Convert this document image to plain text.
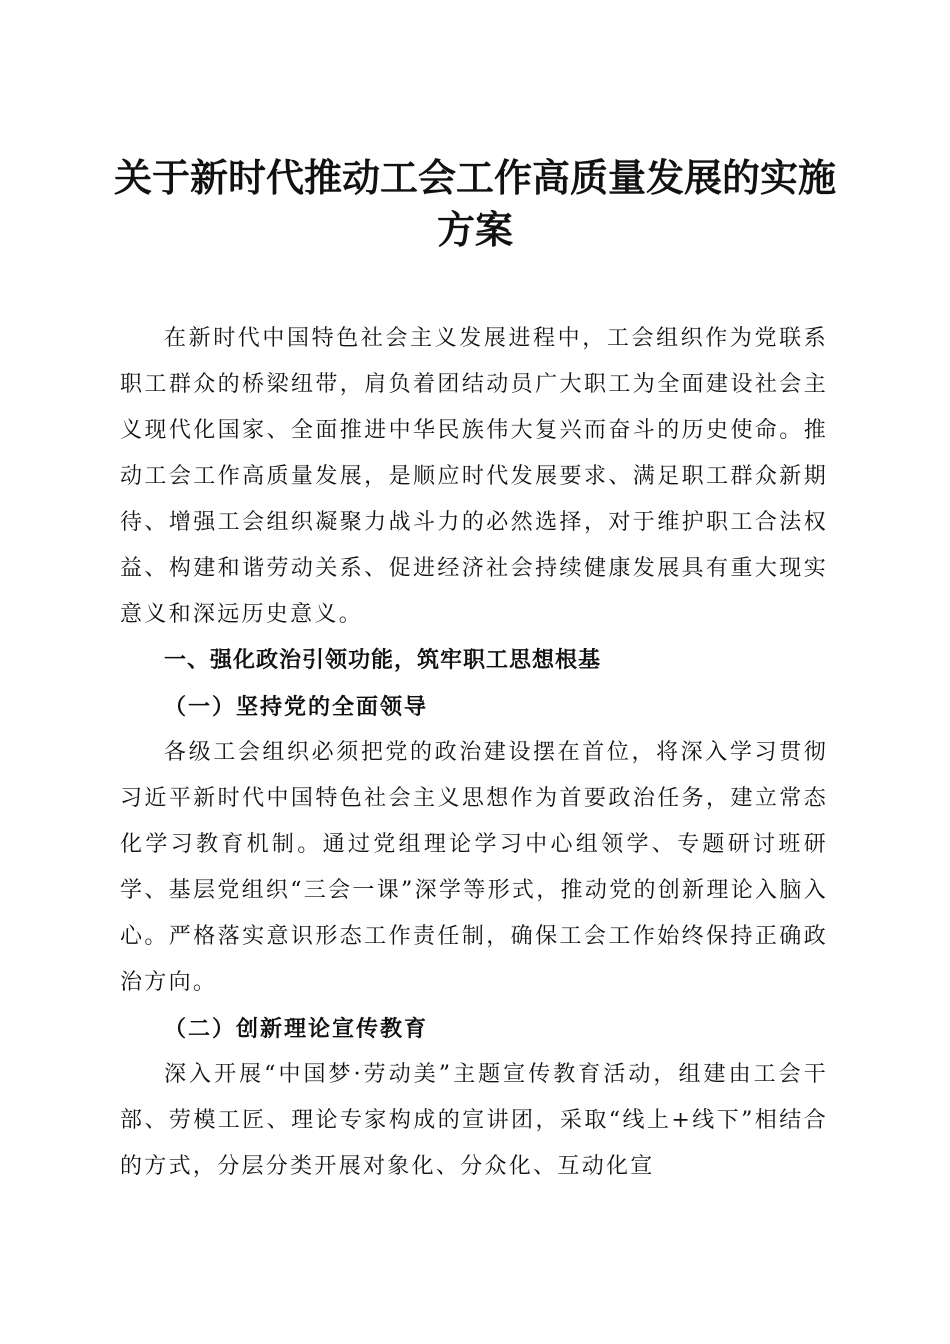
关于新时代推动工会工作高质量发展的实施方案

在新时代中国特色社会主义发展进程中，工会组织作为党联系职工群众的桥梁纽带，肩负着团结动员广大职工为全面建设社会主义现代化国家、全面推进中华民族伟大复兴而奋斗的历史使命。推动工会工作高质量发展，是顺应时代发展要求、满足职工群众新期待、增强工会组织凝聚力战斗力的必然选择，对于维护职工合法权益、构建和谐劳动关系、促进经济社会持续健康发展具有重大现实意义和深远历史意义。

一、强化政治引领功能，筑牢职工思想根基

（一）坚持党的全面领导

各级工会组织必须把党的政治建设摆在首位，将深入学习贯彻习近平新时代中国特色社会主义思想作为首要政治任务，建立常态化学习教育机制。通过党组理论学习中心组领学、专题研讨班研学、基层党组织“三会一课”深学等形式，推动党的创新理论入脑入心。严格落实意识形态工作责任制，确保工会工作始终保持正确政治方向。

（二）创新理论宣传教育

深入开展“中国梦·劳动美”主题宣传教育活动，组建由工会干部、劳模工匠、理论专家构成的宣讲团，采取“线上+线下”相结合的方式，分层分类开展对象化、分众化、互动化宣
